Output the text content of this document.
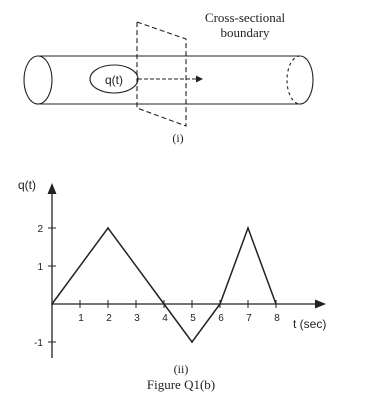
Cross-sectional
boundary
q(t)
(i)
q(t)
t (sec)
1 2 3 4 5 6 7 8
2
1
-1
(ii)
Figure Q1(b)
